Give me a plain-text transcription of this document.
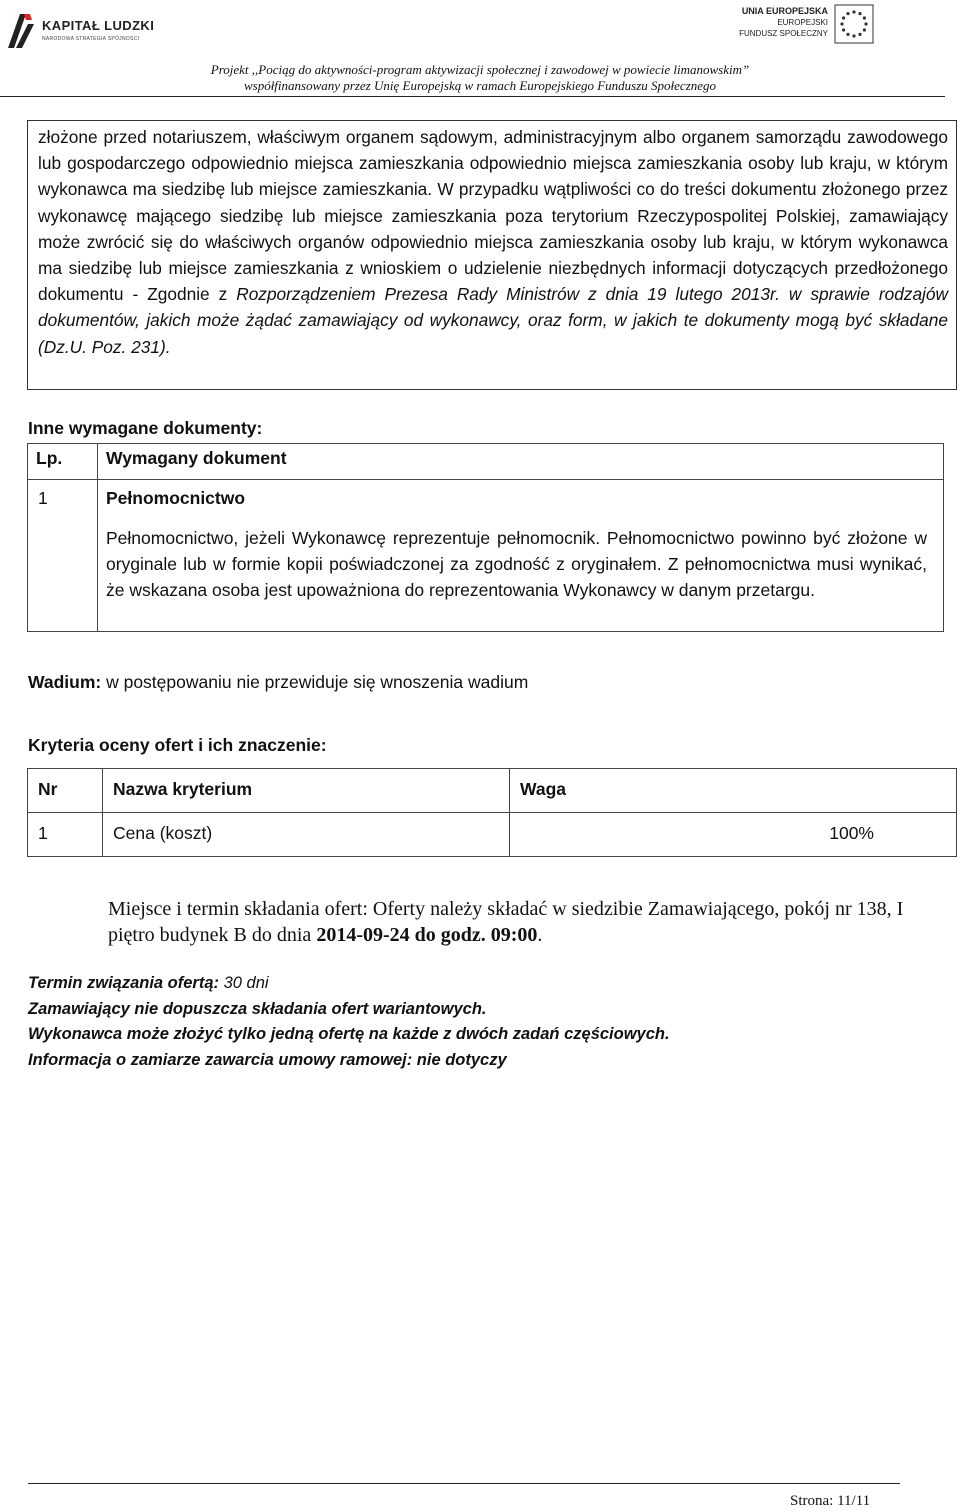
KAPITAŁ LUDZKI
NARODOWA STRATEGIA SPÓJNOŚCI
UNIA EUROPEJSKA
EUROPEJSKI
FUNDUSZ SPOŁECZNY
Projekt ,,Pociąg do aktywności-program aktywizacji społecznej i zawodowej w powiecie limanowskim”
współfinansowany przez Unię Europejską w ramach Europejskiego Funduszu Społecznego

złożone przed notariuszem, właściwym organem sądowym, administracyjnym albo organem samorządu zawodowego lub gospodarczego odpowiednio miejsca zamieszkania odpowiednio miejsca zamieszkania osoby lub kraju, w którym wykonawca ma siedzibę lub miejsce zamieszkania. W przypadku wątpliwości co do treści dokumentu złożonego przez wykonawcę mającego siedzibę lub miejsce zamieszkania poza terytorium Rzeczypospolitej Polskiej, zamawiający może zwrócić się do właściwych organów odpowiednio miejsca zamieszkania osoby lub kraju, w którym wykonawca ma siedzibę lub miejsce zamieszkania z wnioskiem o udzielenie niezbędnych informacji dotyczących przedłożonego dokumentu - Zgodnie z Rozporządzeniem Prezesa Rady Ministrów z dnia 19 lutego 2013r. w sprawie rodzajów dokumentów, jakich może żądać zamawiający od wykonawcy, oraz form, w jakich te dokumenty mogą być składane (Dz.U. Poz. 231).

Inne wymagane dokumenty:
Lp.	Wymagany dokument
1	Pełnomocnictwo
Pełnomocnictwo, jeżeli Wykonawcę reprezentuje pełnomocnik. Pełnomocnictwo powinno być złożone w oryginale lub w formie kopii poświadczonej za zgodność z oryginałem. Z pełnomocnictwa musi wynikać, że wskazana osoba jest upoważniona do reprezentowania Wykonawcy w danym przetargu.
Wadium: w postępowaniu nie przewiduje się wnoszenia wadium
Kryteria oceny ofert i ich znaczenie:
Nr	Nazwa kryterium	Waga
1	Cena (koszt)	100%
Miejsce i termin składania ofert: Oferty należy składać w siedzibie Zamawiającego, pokój nr 138, I piętro budynek B do dnia 2014-09-24 do godz. 09:00.
Termin związania ofertą: 30 dni
Zamawiający nie dopuszcza składania ofert wariantowych.
Wykonawca może złożyć tylko jedną ofertę na każde z dwóch zadań częściowych.
Informacja o zamiarze zawarcia umowy ramowej: nie dotyczy
Strona: 11/11
